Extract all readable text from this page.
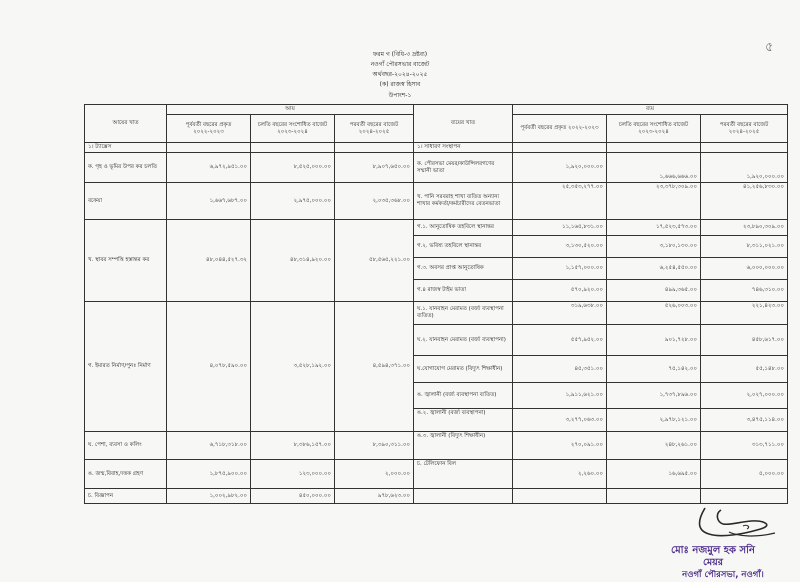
৫
ফরম গ (বিধি-৩ দ্রষ্টব্য)
নওগাঁ পৌরসভার বাজেট
অর্থবছর-২০২৪-২০২৫
(ক) রাজস্ব হিসাব
উপাংশ-১
আয়ের খাত	আয়			ব্যয়ের খাত	ব্যয়		
	পূর্ববর্তী বছরের প্রকৃত ২০২২-২০২৩	চলতি বছরের সংশোধিত বাজেট ২০২৩-২০২৪	পরবর্তী বছরের বাজেট ২০২৪-২০২৫		পূর্ববর্তী বছরের প্রকৃত ২০২২-২০২৩	চলতি বছরের সংশোধিত বাজেট ২০২৩-২০২৪	পরবর্তী বছরের বাজেট ২০২৪-২০২৫
১। ট্যাক্সেস				১। সাধারণ সংস্থাপন			
ক. গৃহ ও ভূমির উপর কর চলতি	৬,৯৭২,৯৫১.০০	৮,৫২৫,০০০.০০	৮,৯০৭,৬৫০.০০	ক. পৌরসভা মেয়র/কাউন্সিলরগণের সম্মানী ভাতা	১,৯২০,০০০.০০	১,৬৬৬,৬৬৬.০০	১,৯২০,০০০.০০
বকেয়া	১,৬৬৭,৬৮৭.০০	২,৯৭৫,০০০.০০	২,০৩৫,৩৬৮.০০	খ. পানি সরবরাহ শাখা ব্যতিত অন্যান্য শাখার কর্মকর্তা/কর্মচারীদের বেতনভাতা	২৫,৩৫৩,২৭৭.০০	২৩,৩৭৮,৩০৯.০০	৪১,২৫৬,৮৩০.০০
খ. স্থাবর সম্পত্তি হস্তান্তর কর	৪৮,০৪৪,৫২৭.৩২	৪৮,৩১৪,৯২০.০০	৫৮,৫৬৫,২২১.০০	গ.১. আনুতোষিক তহবিলে স্থানান্তর	১১,১৬৫,৮৩১.০০	১৭,৫২৩,৫৭৩.০০	২৩,৮৯০,৩০৯.০০
				গ.২. ভবিষ্য তহবিলে স্থানান্তর	৩,১৩০,৫২০.০০	৩,১৮০,১৩০.০০	৮,৩১১,০২১.০০
				গ.৩. অবসর প্রাপ্ত আনুতোষিক	১,১৫৭,০০০.০০	৬,২৫৪,৫৫০.০০	৬,০০০,০০০.০০
				গ.৪ রাজস্ব টাইম ভাতা	৫৭০,৯২০.০০	৪৯৯,৩৬৫.০০	৭৪৬,৩১০.০০
গ. ইমারত নির্মাণ/পুনঃ নির্মাণ	৪,০৭৮,৫৯০.০০	৩,৫২৮,১৯২.০০	৪,৫৯৪,৩৭১.০০	ঘ.১. যানবাহন মেরামত (বর্জ্য ব্যবস্থাপনা ব্যতিত)	৩১৯,৬৩৮.০০	৫২৬,০০৩.০০	২২১,৪২৩.০০
				ঘ.২. যানবাহন মেরামত (বর্জ্য ব্যবস্থাপনা)	৫৫৭,৯৫২.০০	৯০১,৭২৮.০০	৪৫৮,৬১৭.০০
				ঘ.যোগাযোগ মেরামত (বিদ্যুৎ শিক্ষাধীন)	৪৫,৩৫১.০০	৭৫,১৪২.০০	৫৫,১৪৮.০০
				ঙ. জ্বালানী (বর্জ্য ব্যবস্থাপনা ব্যতিত)	১,৯১১,৬২১.০০	১,৭৩৭,৮৯৬.০০	২,০২৭,০০০.০০
				ঙ.২. জ্বালানী (বর্জ্য ব্যবস্থাপনা)	৩,২৭৭,০৬৩.০০	২,৯৭৮,১২১.০০	৩,৪৭৫,১১৪.০০
ঘ. পেশা, ব্যবসা ও কলিং	৬,৭১৮,৩১৮.০০	৮,৩৮৬,১৫৭.০০	৮,৩৯০,৩১১.০০	ঙ.৩. জ্বালানী (বিদ্যুৎ শিক্ষাধীন)	২৭০,০৯১.০০	২৪৮,২৬১.০০	৩১৩,৭১১.০০
ঙ. জন্ম,বিবাহ,দত্তক গ্রহণ	১,৮৭৫,৯০০.০০	১২৩,০০০.০০	২,০০০.০০	চ. টেলিফোন বিল	২,২৬০.০০	১৬,৬৯৫.০০	৫,০০০.০০
চ. বিজ্ঞাপন	১,০০২,৯৮২.০০	৪৫০,০০০.০০	৯৭৮,৬২৩.০০				
মোঃ নজমুল হক সনি
মেয়র
নওগাঁ পৌরসভা, নওগাঁ।
